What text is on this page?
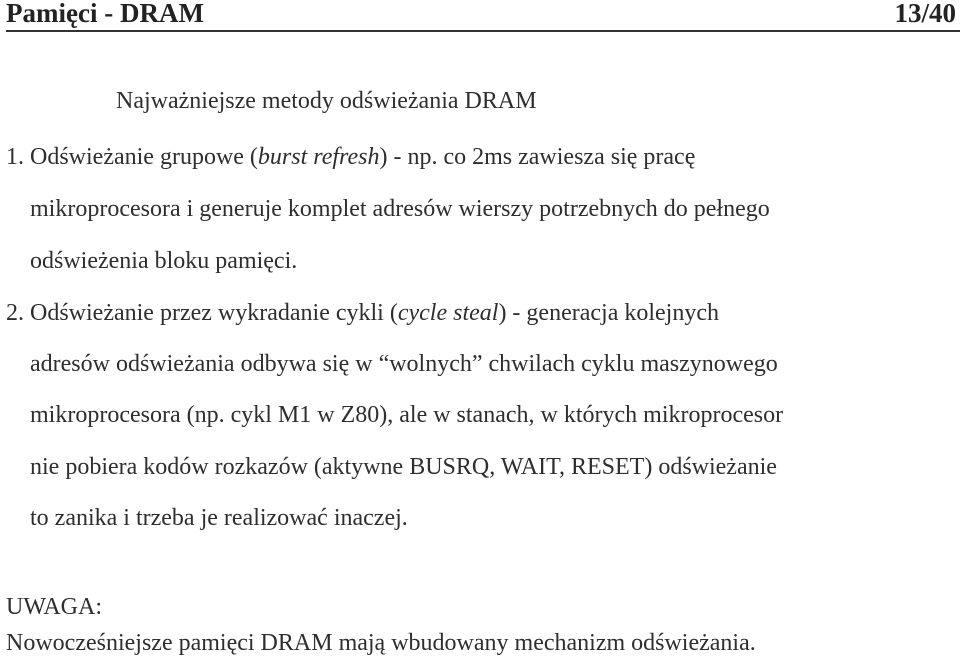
Pamięci - DRAM	13/40
Najważniejsze metody odświeżania DRAM
1. Odświeżanie grupowe (burst refresh) - np. co 2ms zawiesza się pracę
mikroprocesora i generuje komplet adresów wierszy potrzebnych do pełnego
odświeżenia bloku pamięci.
2. Odświeżanie przez wykradanie cykli (cycle steal) - generacja kolejnych
adresów odświeżania odbywa się w “wolnych” chwilach cyklu maszynowego
mikroprocesora (np. cykl M1 w Z80), ale w stanach, w których mikroprocesor
nie pobiera kodów rozkazów (aktywne BUSRQ, WAIT, RESET) odświeżanie
to zanika i trzeba je realizować inaczej.
UWAGA:
Nowocześniejsze pamięci DRAM mają wbudowany mechanizm odświeżania.
